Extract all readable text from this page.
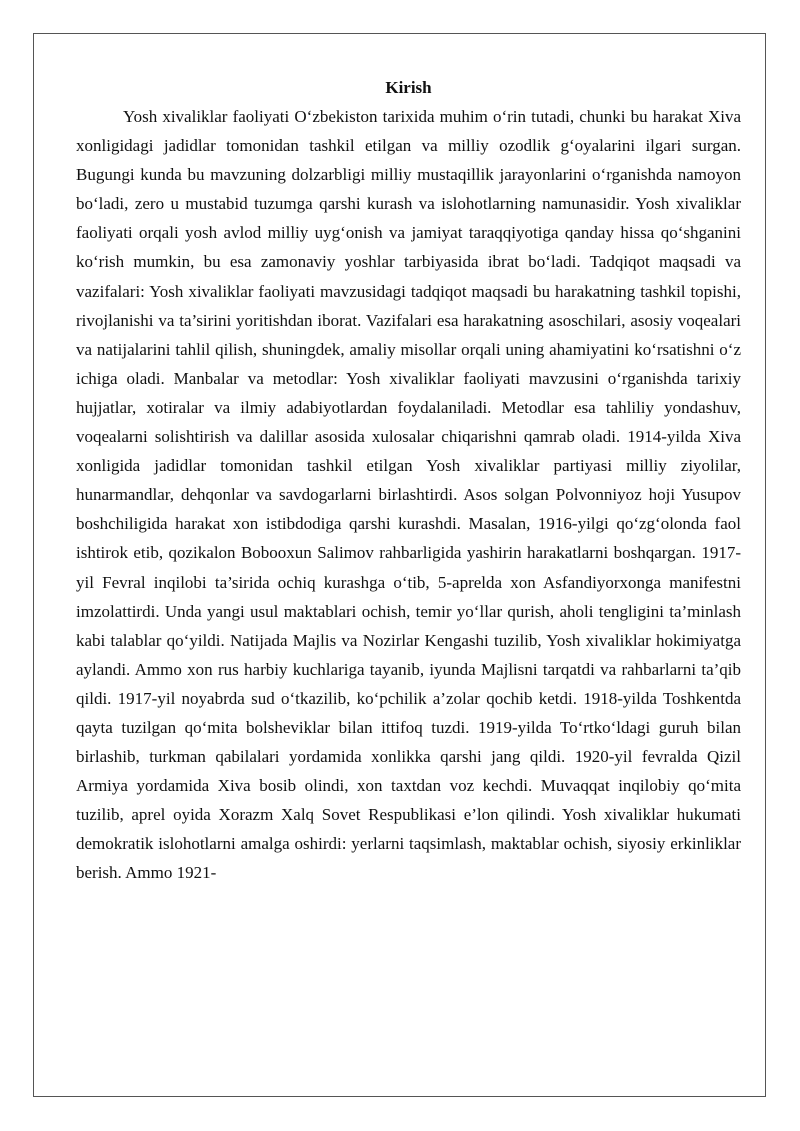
Kirish

Yosh xivaliklar faoliyati O‘zbekiston tarixida muhim o‘rin tutadi, chunki bu harakat Xiva xonligidagi jadidlar tomonidan tashkil etilgan va milliy ozodlik g‘oyalarini ilgari surgan. Bugungi kunda bu mavzuning dolzarbligi milliy mustaqillik jarayonlarini o‘rganishda namoyon bo‘ladi, zero u mustabid tuzumga qarshi kurash va islohotlarning namunasidir. Yosh xivaliklar faoliyati orqali yosh avlod milliy uyg‘onish va jamiyat taraqqiyotiga qanday hissa qo‘shganini ko‘rish mumkin, bu esa zamonaviy yoshlar tarbiyasida ibrat bo‘ladi. Tadqiqot maqsadi va vazifalari: Yosh xivaliklar faoliyati mavzusidagi tadqiqot maqsadi bu harakatning tashkil topishi, rivojlanishi va ta’sirini yoritishdan iborat. Vazifalari esa harakatning asoschilari, asosiy voqealari va natijalarini tahlil qilish, shuningdek, amaliy misollar orqali uning ahamiyatini ko‘rsatishni o‘z ichiga oladi. Manbalar va metodlar: Yosh xivaliklar faoliyati mavzusini o‘rganishda tarixiy hujjatlar, xotiralar va ilmiy adabiyotlardan foydalaniladi. Metodlar esa tahliliy yondashuv, voqealarni solishtirish va dalillar asosida xulosalar chiqarishni qamrab oladi. 1914-yilda Xiva xonligida jadidlar tomonidan tashkil etilgan Yosh xivaliklar partiyasi milliy ziyolilar, hunarmandlar, dehqonlar va savdogarlarni birlashtirdi. Asos solgan Polvonniyoz hoji Yusupov boshchiligida harakat xon istibdodiga qarshi kurashdi. Masalan, 1916-yilgi qo‘zg‘olonda faol ishtirok etib, qozikalon Bobooxun Salimov rahbarligida yashirin harakatlarni boshqargan. 1917-yil Fevral inqilobi ta’sirida ochiq kurashga o‘tib, 5-aprelda xon Asfandiyorxonga manifestni imzolattirdi. Unda yangi usul maktablari ochish, temir yo‘llar qurish, aholi tengligini ta’minlash kabi talablar qo‘yildi. Natijada Majlis va Nozirlar Kengashi tuzilib, Yosh xivaliklar hokimiyatga aylandi. Ammo xon rus harbiy kuchlariga tayanib, iyunda Majlisni tarqatdi va rahbarlarni ta’qib qildi. 1917-yil noyabrda sud o‘tkazilib, ko‘pchilik a’zolar qochib ketdi. 1918-yilda Toshkentda qayta tuzilgan qo‘mita bolsheviklar bilan ittifoq tuzdi. 1919-yilda To‘rtko‘ldagi guruh bilan birlashib, turkman qabilalari yordamida xonlikka qarshi jang qildi. 1920-yil fevralda Qizil Armiya yordamida Xiva bosib olindi, xon taxtdan voz kechdi. Muvaqqat inqilobiy qo‘mita tuzilib, aprel oyida Xorazm Xalq Sovet Respublikasi e’lon qilindi. Yosh xivaliklar hukumati demokratik islohotlarni amalga oshirdi: yerlarni taqsimlash, maktablar ochish, siyosiy erkinliklar berish. Ammo 1921-
